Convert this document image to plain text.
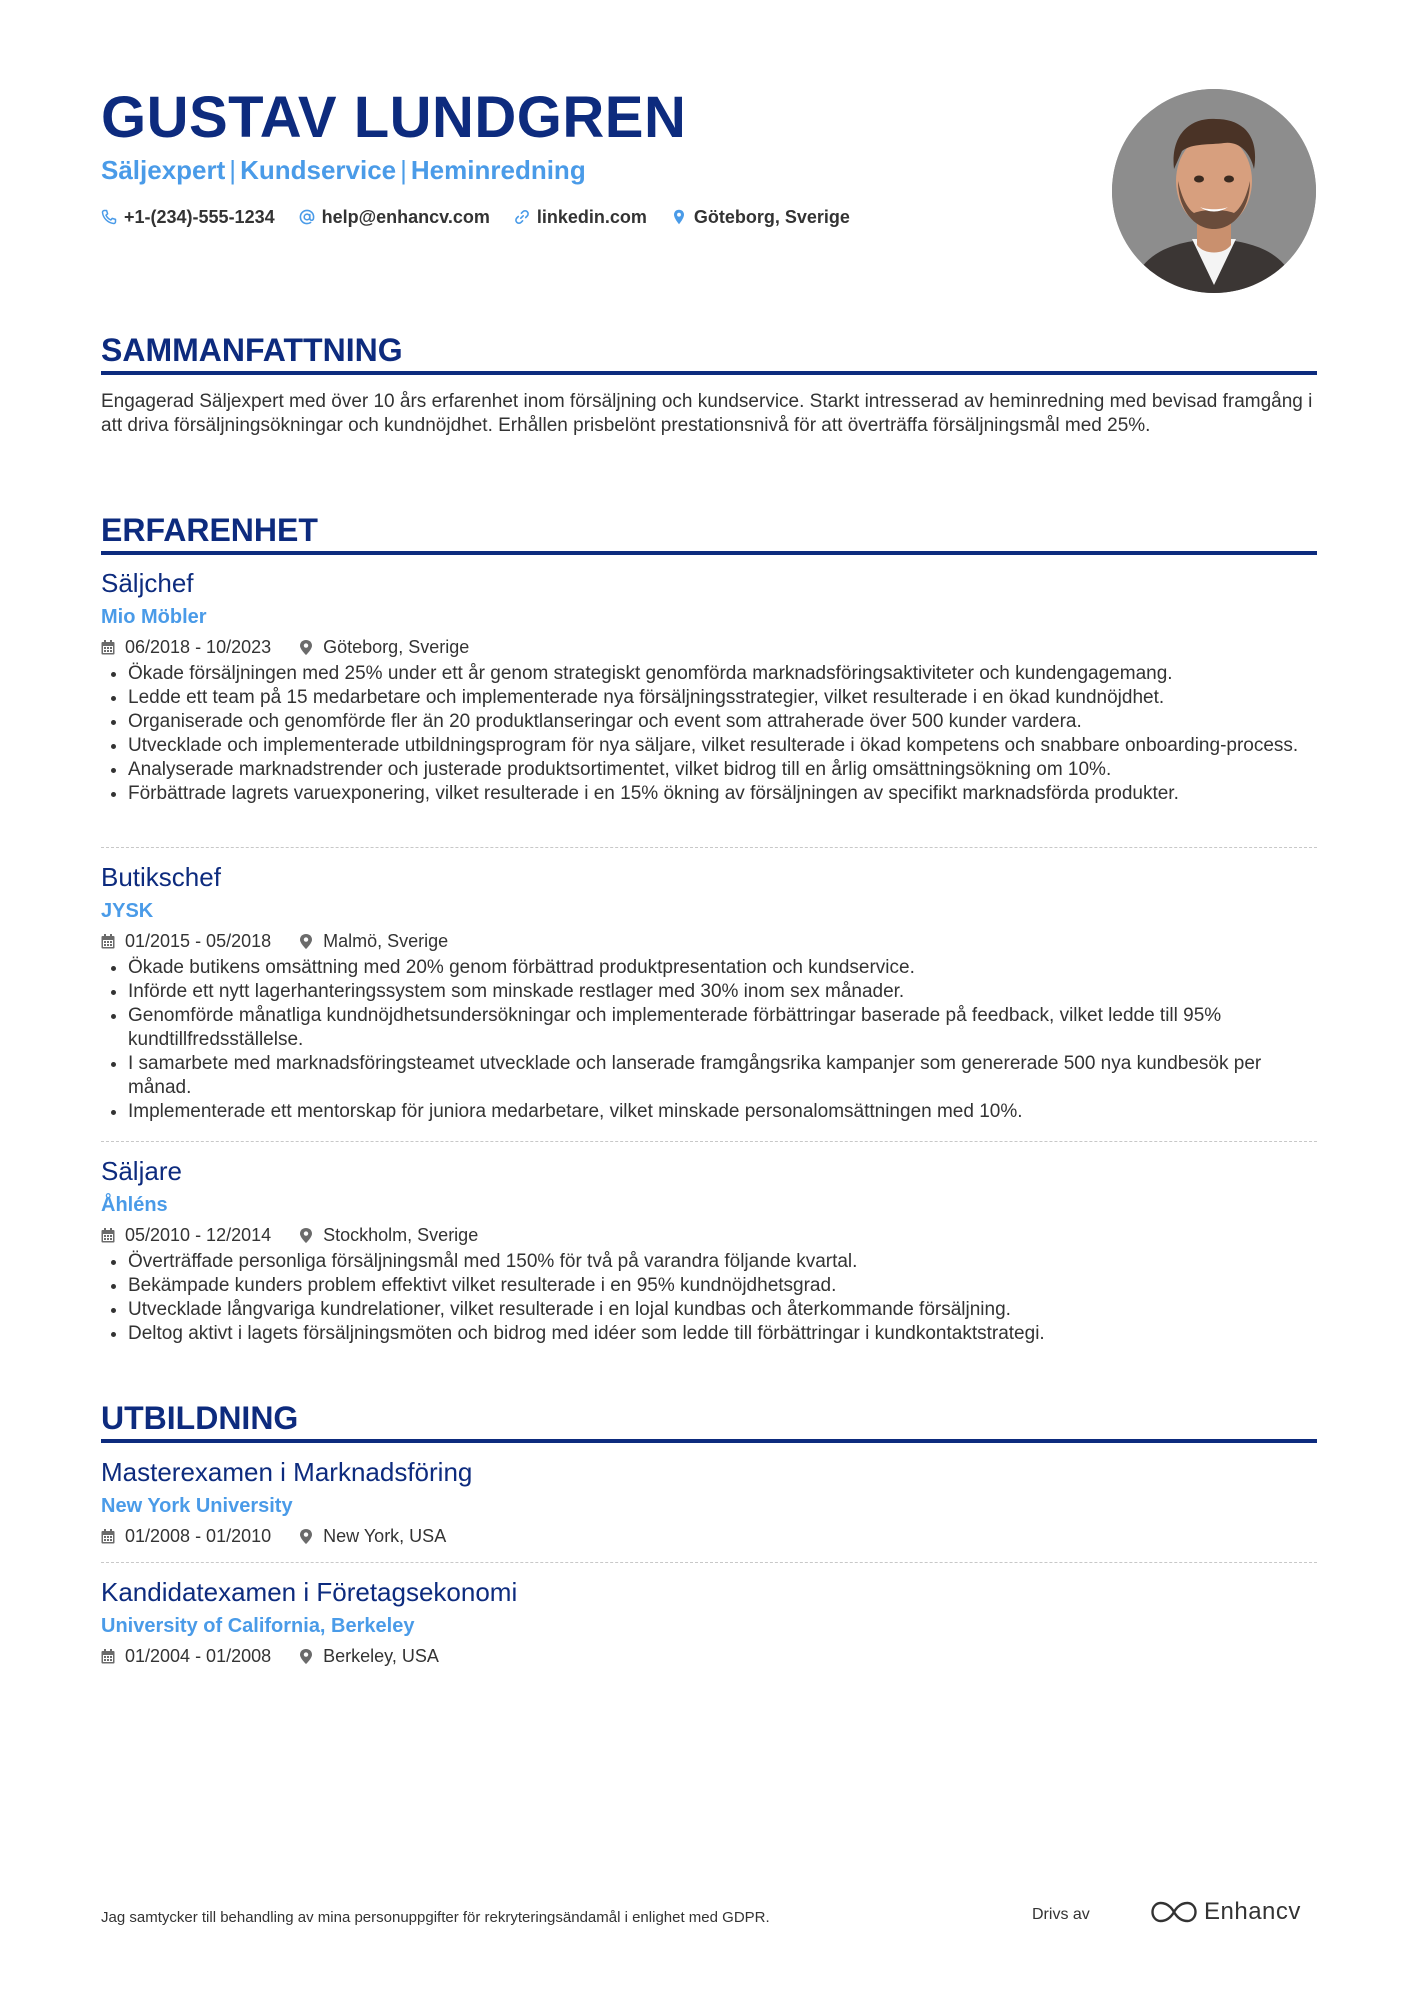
GUSTAV LUNDGREN
Säljexpert | Kundservice | Heminredning
+1-(234)-555-1234	help@enhancv.com	linkedin.com	Göteborg, Sverige
SAMMANFATTNING

Engagerad Säljexpert med över 10 års erfarenhet inom försäljning och kundservice. Starkt intresserad av heminredning med bevisad framgång i att driva försäljningsökningar och kundnöjdhet. Erhållen prisbelönt prestationsnivå för att överträffa försäljningsmål med 25%.

ERFARENHET
Säljchef
Mio Möbler
06/2018 - 10/2023	Göteborg, Sverige
• Ökade försäljningen med 25% under ett år genom strategiskt genomförda marknadsföringsaktiviteter och kundengagemang.
• Ledde ett team på 15 medarbetare och implementerade nya försäljningsstrategier, vilket resulterade i en ökad kundnöjdhet.
• Organiserade och genomförde fler än 20 produktlanseringar och event som attraherade över 500 kunder vardera.
• Utvecklade och implementerade utbildningsprogram för nya säljare, vilket resulterade i ökad kompetens och snabbare onboarding-process.
• Analyserade marknadstrender och justerade produktsortimentet, vilket bidrog till en årlig omsättningsökning om 10%.
• Förbättrade lagrets varuexponering, vilket resulterade i en 15% ökning av försäljningen av specifikt marknadsförda produkter.
Butikschef
JYSK
01/2015 - 05/2018	Malmö, Sverige
• Ökade butikens omsättning med 20% genom förbättrad produktpresentation och kundservice.
• Införde ett nytt lagerhanteringssystem som minskade restlager med 30% inom sex månader.
• Genomförde månatliga kundnöjdhetsundersökningar och implementerade förbättringar baserade på feedback, vilket ledde till 95% kundtillfredsställelse.
• I samarbete med marknadsföringsteamet utvecklade och lanserade framgångsrika kampanjer som genererade 500 nya kundbesök per månad.
• Implementerade ett mentorskap för juniora medarbetare, vilket minskade personalomsättningen med 10%.
Säljare
Åhléns
05/2010 - 12/2014	Stockholm, Sverige
• Överträffade personliga försäljningsmål med 150% för två på varandra följande kvartal.
• Bekämpade kunders problem effektivt vilket resulterade i en 95% kundnöjdhetsgrad.
• Utvecklade långvariga kundrelationer, vilket resulterade i en lojal kundbas och återkommande försäljning.
• Deltog aktivt i lagets försäljningsmöten och bidrog med idéer som ledde till förbättringar i kundkontaktstrategi.
UTBILDNING
Masterexamen i Marknadsföring
New York University
01/2008 - 01/2010	New York, USA
Kandidatexamen i Företagsekonomi
University of California, Berkeley
01/2004 - 01/2008	Berkeley, USA
Jag samtycker till behandling av mina personuppgifter för rekryteringsändamål i enlighet med GDPR.	Drivs av	Enhancv
